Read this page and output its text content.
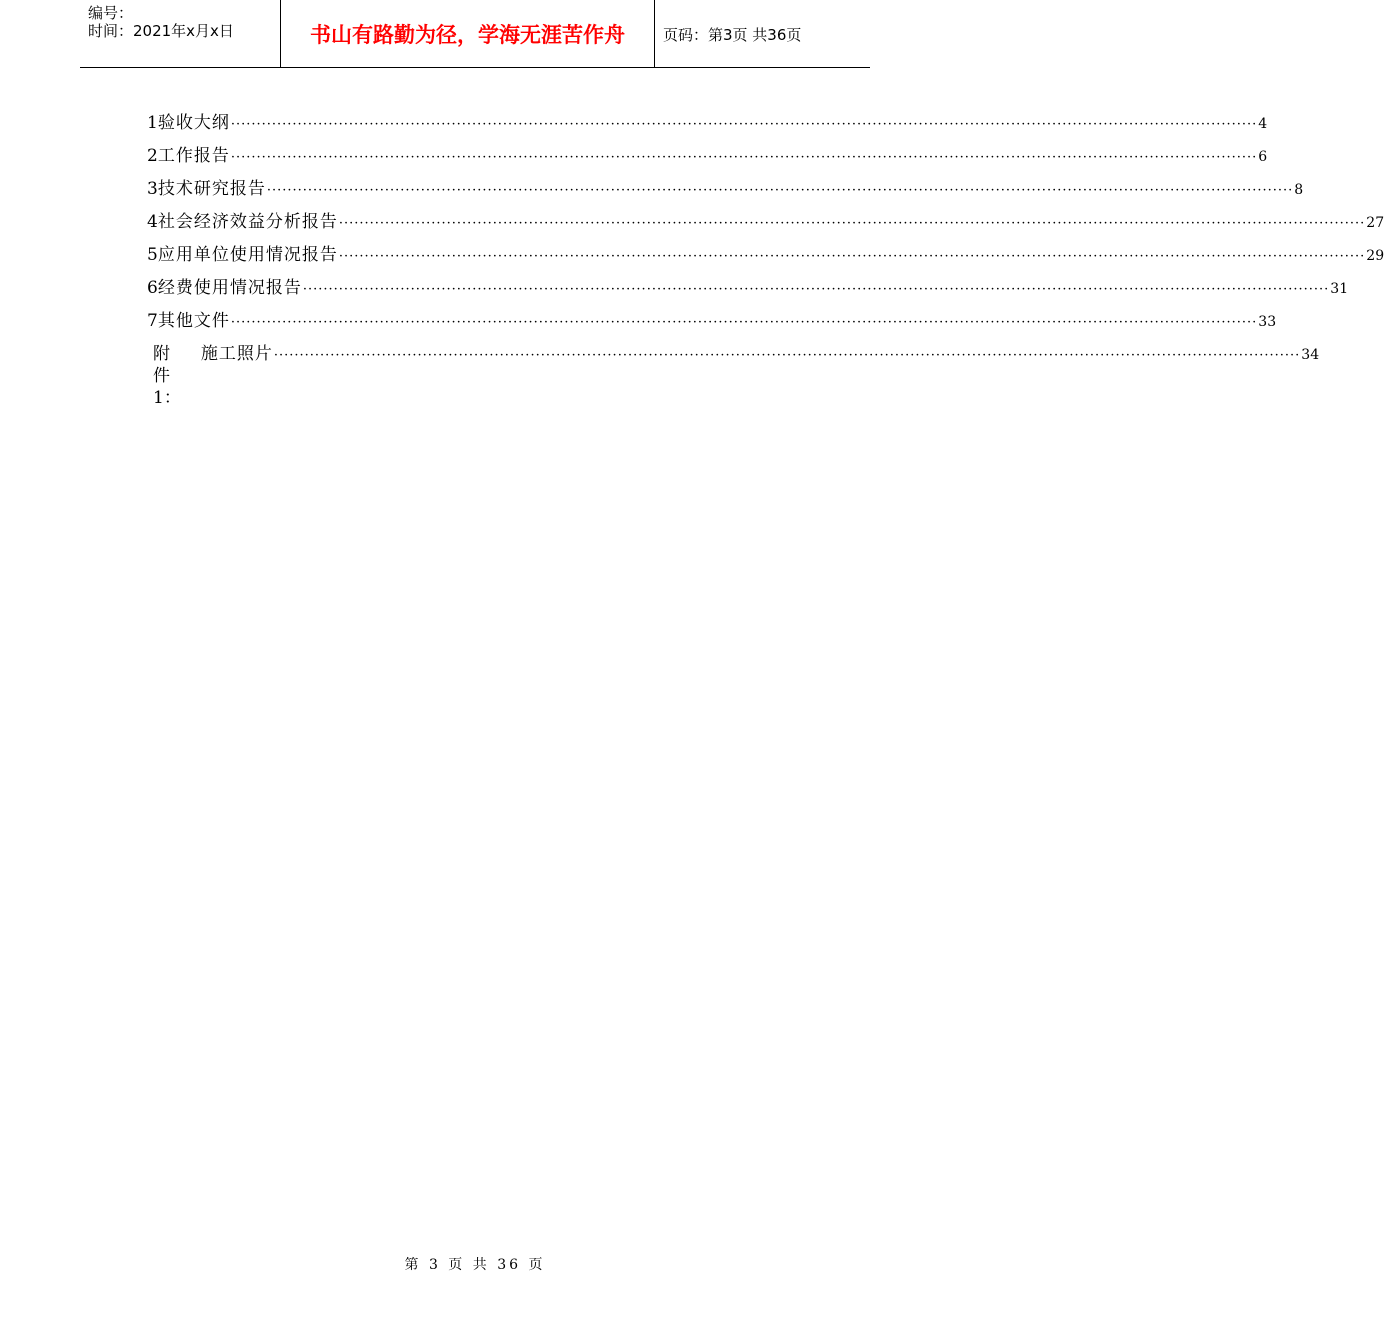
编号：
时间：2021年x月x日	书山有路勤为径，学海无涯苦作舟	页码：第3页 共36页
1 验收大纲 ········································································································································································································ 4
2 工作报告 ········································································································································································································ 6
3 技术研究报告 ········································································································································································································ 8
4 社会经济效益分析报告 ········································································································································································································ 27
5 应用单位使用情况报告 ········································································································································································································ 29
6 经费使用情况报告 ········································································································································································································ 31
7 其他文件 ········································································································································································································ 33
附件1：
施工照片 ········································································································································································································ 34
第 3 页 共 36 页
